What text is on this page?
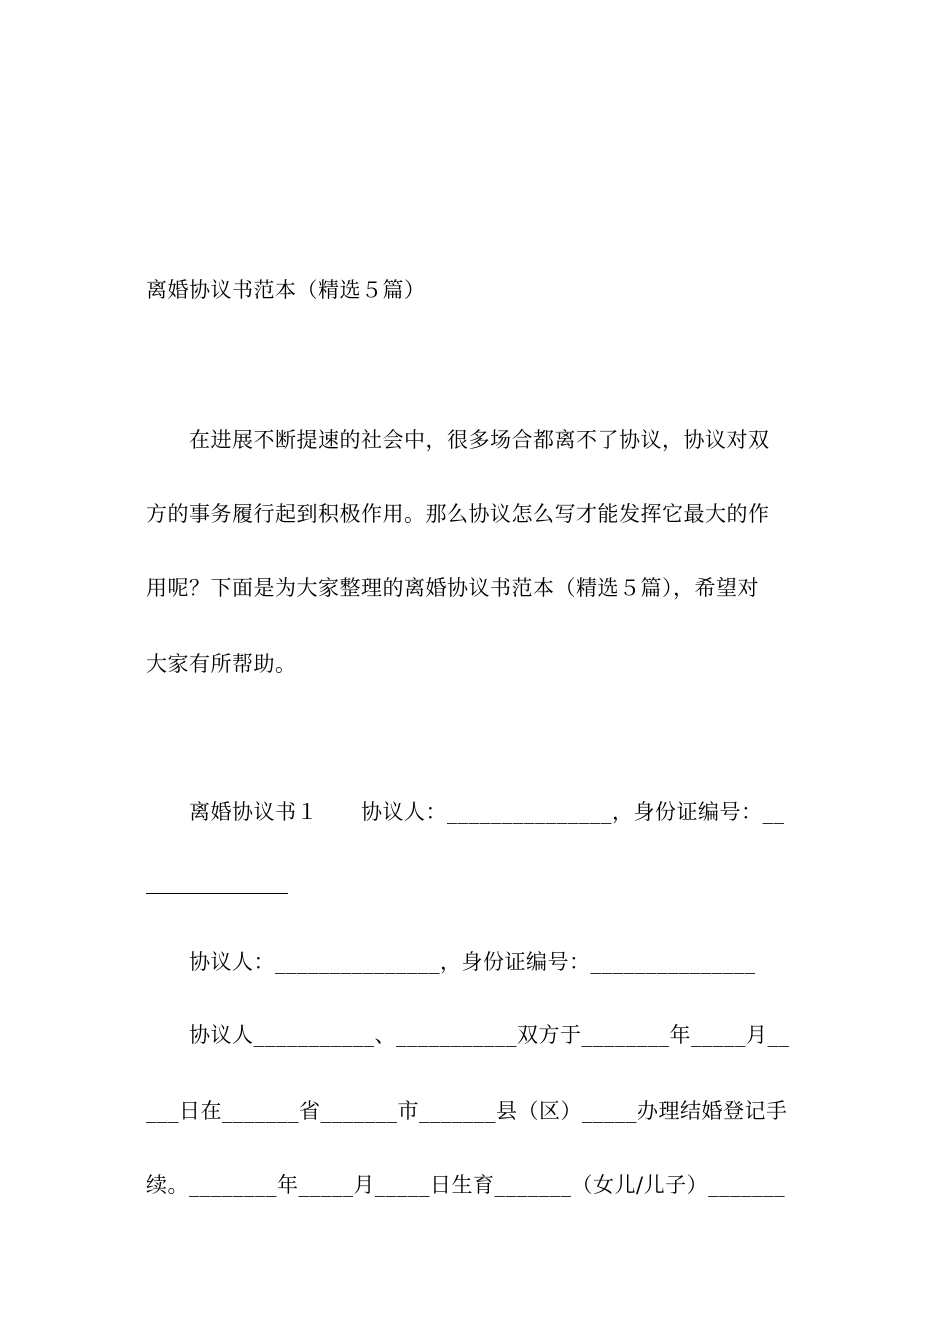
离婚协议书范本（精选５篇）
在进展不断提速的社会中，很多场合都离不了协议，协议对双
方的事务履行起到积极作用。那么协议怎么写才能发挥它最大的作
用呢？下面是为大家整理的离婚协议书范本（精选５篇），希望对
大家有所帮助。
离婚协议书１　　协议人：_______________，身份证编号：__
协议人：_______________，身份证编号：_______________
协议人___________、___________双方于________年_____月__
___日在_______省_______市_______县（区）_____办理结婚登记手
续。________年_____月_____日生育_______（女儿/儿子）_______
